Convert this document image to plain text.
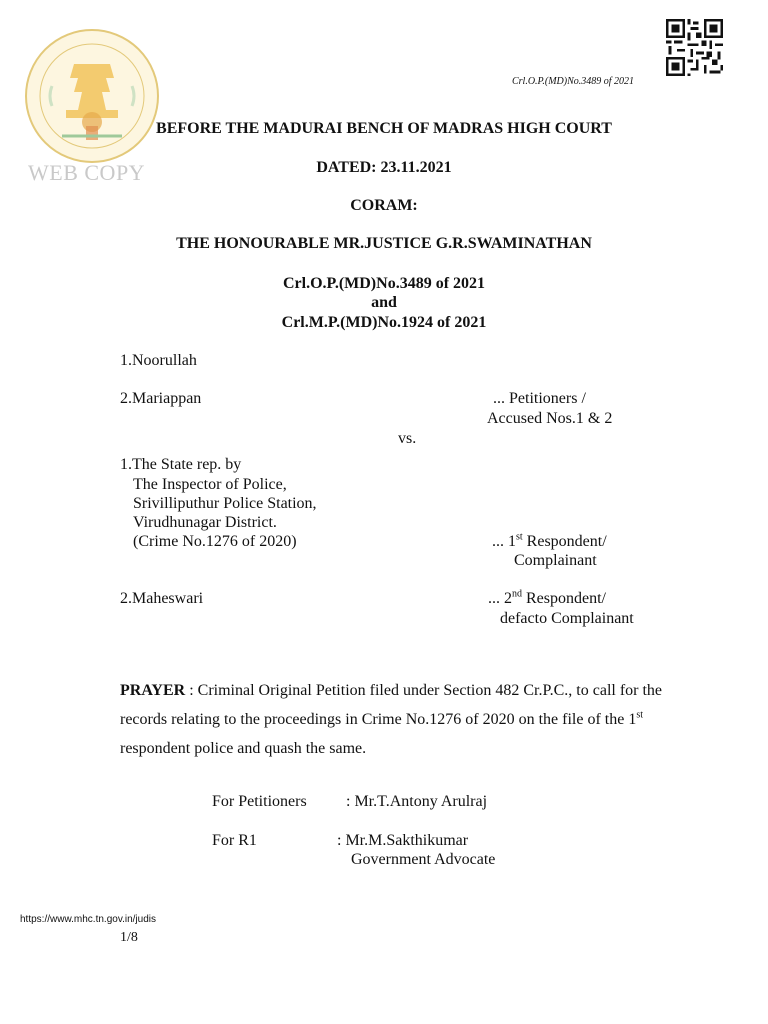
WEB COPY
Crl.O.P.(MD)No.3489 of 2021
BEFORE THE MADURAI BENCH OF MADRAS HIGH COURT
DATED: 23.11.2021
CORAM:
THE HONOURABLE MR.JUSTICE G.R.SWAMINATHAN
Crl.O.P.(MD)No.3489 of 2021
and
Crl.M.P.(MD)No.1924 of 2021
1.Noorullah
2.Mariappan	... Petitioners /
Accused Nos.1 & 2
vs.
1.The State rep. by
The Inspector of Police,
Srivilliputhur Police Station,
Virudhunagar District.
(Crime No.1276 of 2020)	... 1st Respondent/
Complainant
2.Maheswari	... 2nd Respondent/
defacto Complainant
PRAYER : Criminal Original Petition filed under Section 482 Cr.P.C., to call for the records relating to the proceedings in Crime No.1276 of 2020 on the file of the 1st respondent police and quash the same.
For Petitioners : Mr.T.Antony Arulraj
For R1	: Mr.M.Sakthikumar
Government Advocate
https://www.mhc.tn.gov.in/judis
1/8
